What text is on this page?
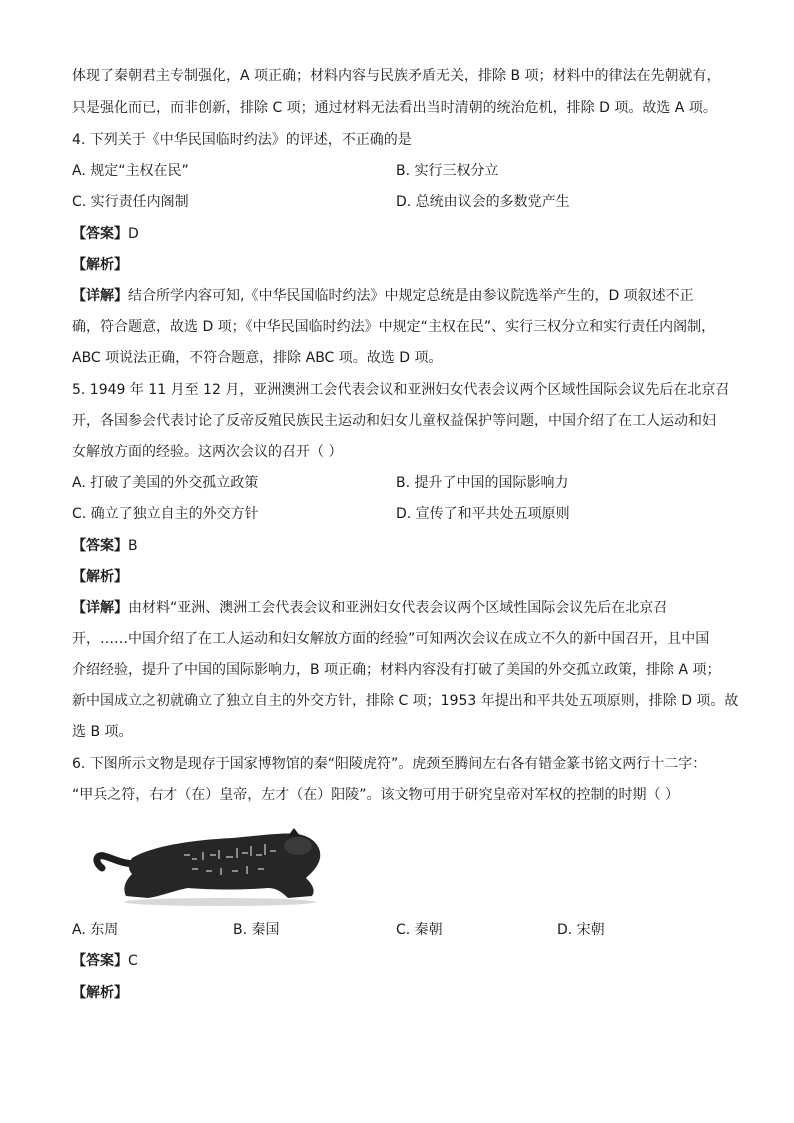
体现了秦朝君主专制强化，A 项正确；材料内容与民族矛盾无关，排除 B 项；材料中的律法在先朝就有，
只是强化而已，而非创新，排除 C 项；通过材料无法看出当时清朝的统治危机，排除 D 项。故选 A 项。
4. 下列关于《中华民国临时约法》的评述，不正确的是
A. 规定“主权在民”	B. 实行三权分立
C. 实行责任内阁制	D. 总统由议会的多数党产生
【答案】D
【解析】
【详解】结合所学内容可知,《中华民国临时约法》中规定总统是由参议院选举产生的，D 项叙述不正
确，符合题意，故选 D 项；《中华民国临时约法》中规定“主权在民”、实行三权分立和实行责任内阁制，
ABC 项说法正确，不符合题意，排除 ABC 项。故选 D 项。
5. 1949 年 11 月至 12 月，亚洲澳洲工会代表会议和亚洲妇女代表会议两个区域性国际会议先后在北京召
开，各国参会代表讨论了反帝反殖民族民主运动和妇女儿童权益保护等问题，中国介绍了在工人运动和妇
女解放方面的经验。这两次会议的召开（ ）
A. 打破了美国的外交孤立政策	B. 提升了中国的国际影响力
C. 确立了独立自主的外交方针	D. 宣传了和平共处五项原则
【答案】B
【解析】
【详解】由材料“亚洲、澳洲工会代表会议和亚洲妇女代表会议两个区域性国际会议先后在北京召
开，……中国介绍了在工人运动和妇女解放方面的经验”可知两次会议在成立不久的新中国召开，且中国
介绍经验，提升了中国的国际影响力，B 项正确；材料内容没有打破了美国的外交孤立政策，排除 A 项；
新中国成立之初就确立了独立自主的外交方针，排除 C 项；1953 年提出和平共处五项原则，排除 D 项。故
选 B 项。
6. 下图所示文物是现存于国家博物馆的秦“阳陵虎符”。虎颈至腾间左右各有错金篆书铭文两行十二字：
“甲兵之符，右才（在）皇帝，左才（在）阳陵”。该文物可用于研究皇帝对军权的控制的时期（ ）
A. 东周	B. 秦国	C. 秦朝	D. 宋朝
【答案】C
【解析】
